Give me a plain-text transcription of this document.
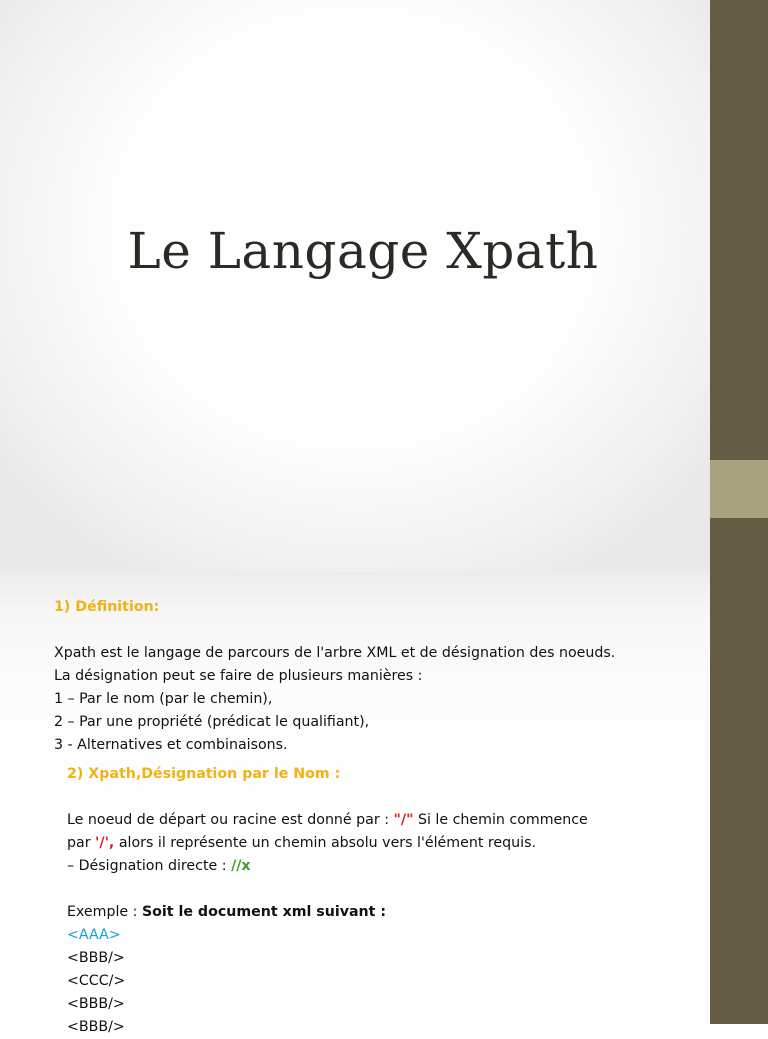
Le Langage Xpath
1) Définition:
Xpath est le langage de parcours de l'arbre XML et de désignation des noeuds.
La désignation peut se faire de plusieurs manières :
1 – Par le nom (par le chemin),
2 – Par une propriété (prédicat le qualifiant),
3 - Alternatives et combinaisons.
2) Xpath,Désignation par le Nom :
Le noeud de départ ou racine est donné par : "/" Si le chemin commence
par '/', alors il représente un chemin absolu vers l'élément requis.
– Désignation directe : //x
Exemple : Soit le document xml suivant :
<AAA>
<BBB/>
<CCC/>
<BBB/>
<BBB/>
